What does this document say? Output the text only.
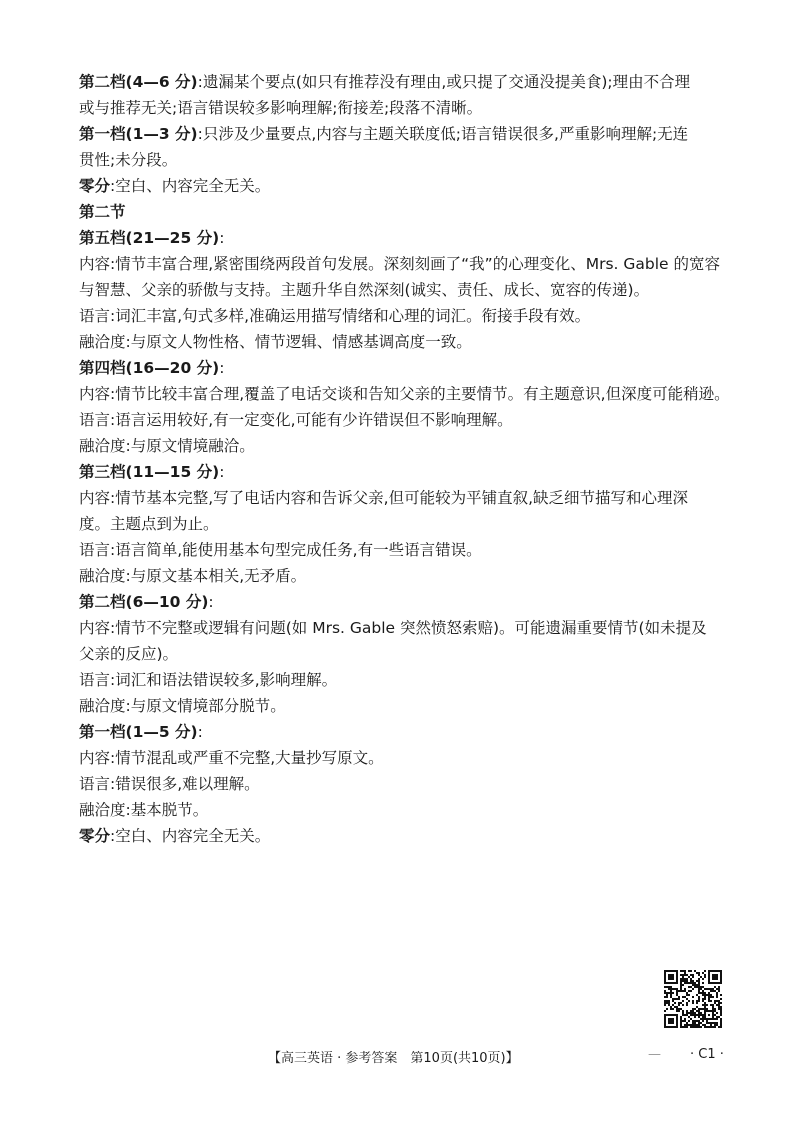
第二档(4—6 分):遗漏某个要点(如只有推荐没有理由,或只提了交通没提美食);理由不合理
或与推荐无关;语言错误较多影响理解;衔接差;段落不清晰。
第一档(1—3 分):只涉及少量要点,内容与主题关联度低;语言错误很多,严重影响理解;无连
贯性;未分段。
零分:空白、内容完全无关。
第二节
第五档(21—25 分):
内容:情节丰富合理,紧密围绕两段首句发展。深刻刻画了“我”的心理变化、Mrs. Gable 的宽容
与智慧、父亲的骄傲与支持。主题升华自然深刻(诚实、责任、成长、宽容的传递)。
语言:词汇丰富,句式多样,准确运用描写情绪和心理的词汇。衔接手段有效。
融洽度:与原文人物性格、情节逻辑、情感基调高度一致。
第四档(16—20 分):
内容:情节比较丰富合理,覆盖了电话交谈和告知父亲的主要情节。有主题意识,但深度可能稍逊。
语言:语言运用较好,有一定变化,可能有少许错误但不影响理解。
融洽度:与原文情境融洽。
第三档(11—15 分):
内容:情节基本完整,写了电话内容和告诉父亲,但可能较为平铺直叙,缺乏细节描写和心理深
度。主题点到为止。
语言:语言简单,能使用基本句型完成任务,有一些语言错误。
融洽度:与原文基本相关,无矛盾。
第二档(6—10 分):
内容:情节不完整或逻辑有问题(如 Mrs. Gable 突然愤怒索赔)。可能遗漏重要情节(如未提及
父亲的反应)。
语言:词汇和语法错误较多,影响理解。
融洽度:与原文情境部分脱节。
第一档(1—5 分):
内容:情节混乱或严重不完整,大量抄写原文。
语言:错误很多,难以理解。
融洽度:基本脱节。
零分:空白、内容完全无关。
【高三英语 · 参考答案　第10页(共10页)】	— · C1 ·
